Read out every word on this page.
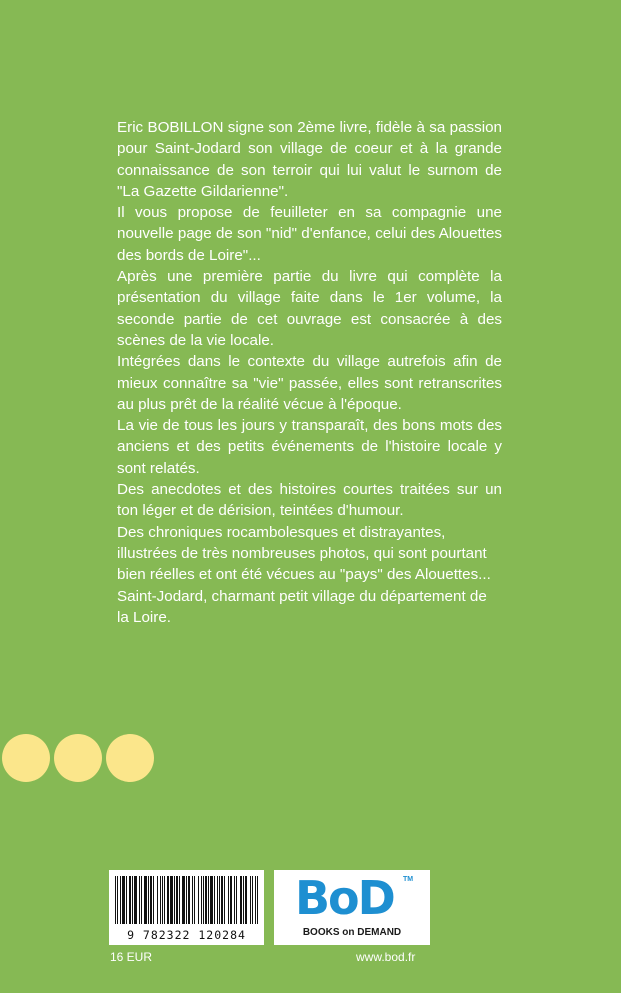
Eric BOBILLON signe son 2ème livre, fidèle à sa passion pour Saint-Jodard son village de coeur et à la grande connaissance de son terroir qui lui valut le surnom de "La Gazette Gildarienne".

Il vous propose de feuilleter en sa compagnie une nouvelle page de son "nid" d'enfance, celui des Alouettes des bords de Loire"...

Après une première partie du livre qui complète la présentation du village faite dans le 1er volume, la seconde partie de cet ouvrage est consacrée à des scènes de la vie locale.

Intégrées dans le contexte du village autrefois afin de mieux connaître sa "vie" passée, elles sont retranscrites au plus prêt de la réalité vécue à l'époque.

La vie de tous les jours y transparaît, des bons mots des anciens et des petits événements de l'histoire locale y sont relatés.

Des anecdotes et des histoires courtes traitées sur un ton léger et de dérision, teintées d'humour.

Des chroniques rocambolesques et distrayantes, illustrées de très nombreuses photos, qui sont pourtant bien réelles et ont été vécues au "pays" des Alouettes... Saint-Jodard, charmant petit village du département de la Loire.

9 782322 120284
BoD TM
BOOKS on DEMAND
16 EUR	www.bod.fr
